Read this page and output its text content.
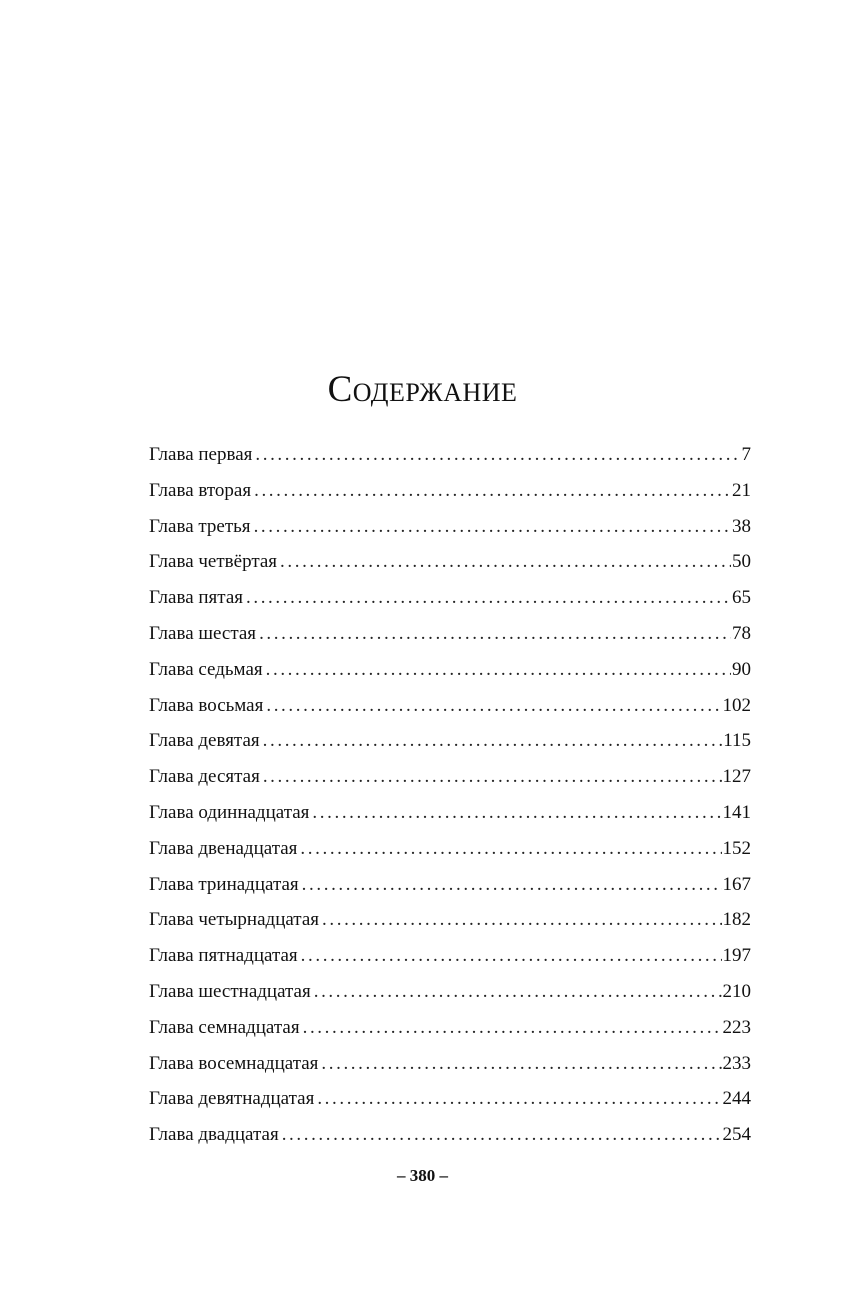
Содержание
Глава первая .....	7
Глава вторая .....	21
Глава третья .....	38
Глава четвёртая .....	50
Глава пятая .....	65
Глава шестая .....	78
Глава седьмая .....	90
Глава восьмая .....	102
Глава девятая .....	115
Глава десятая .....	127
Глава одиннадцатая .....	141
Глава двенадцатая .....	152
Глава тринадцатая .....	167
Глава четырнадцатая .....	182
Глава пятнадцатая .....	197
Глава шестнадцатая .....	210
Глава семнадцатая .....	223
Глава восемнадцатая .....	233
Глава девятнадцатая .....	244
Глава двадцатая .....	254
– 380 –
